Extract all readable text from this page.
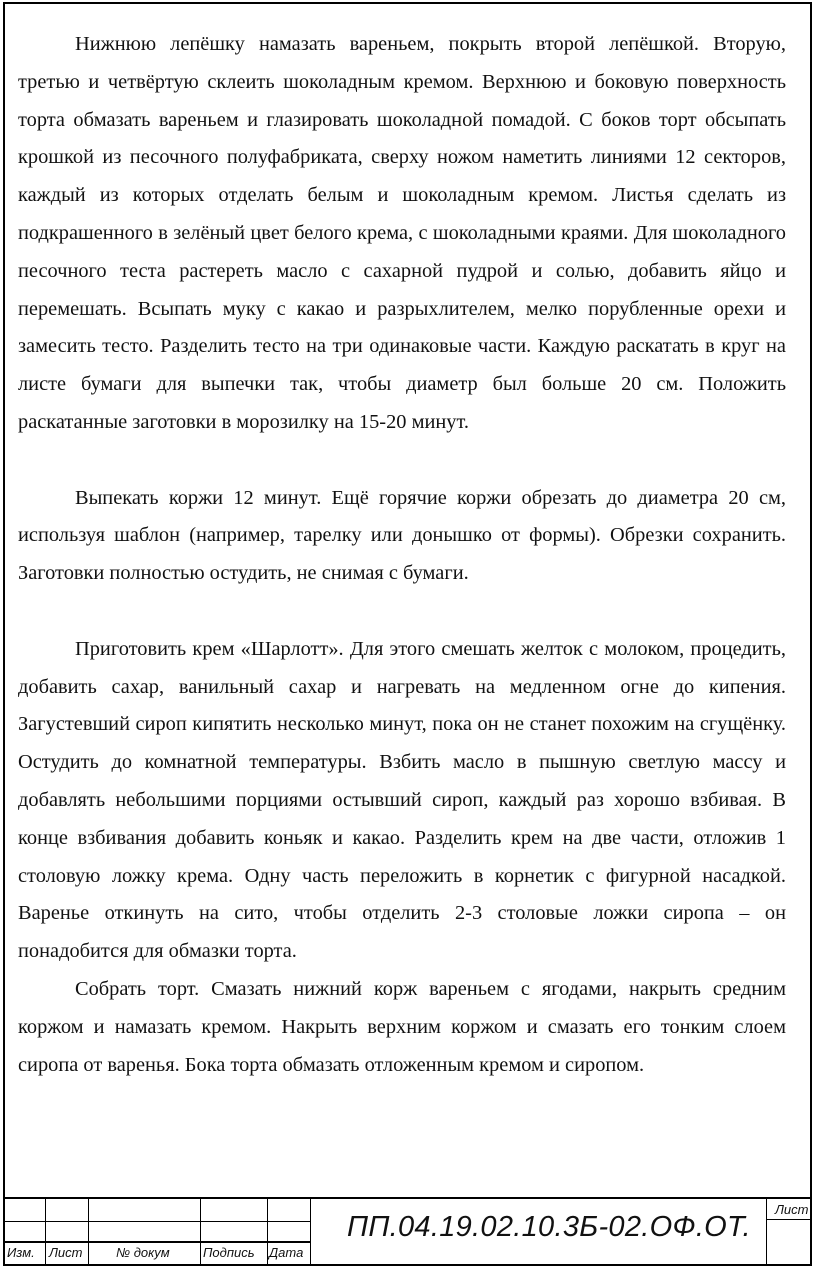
Нижнюю лепёшку намазать вареньем, покрыть второй лепёшкой. Вторую, третью и четвёртую склеить шоколадным кремом. Верхнюю и боковую поверхность торта обмазать вареньем и глазировать шоколадной помадой. С боков торт обсыпать крошкой из песочного полуфабриката, сверху ножом наметить линиями 12 секторов, каждый из которых отделать белым и шоколадным кремом. Листья сделать из подкрашенного в зелёный цвет белого крема, с шоколадными краями. Для шоколадного песочного теста растереть масло с сахарной пудрой и солью, добавить яйцо и перемешать. Всыпать муку с какао и разрыхлителем, мелко порубленные орехи и замесить тесто. Разделить тесто на три одинаковые части. Каждую раскатать в круг на листе бумаги для выпечки так, чтобы диаметр был больше 20 см. Положить раскатанные заготовки в морозилку на 15-20 минут.

Выпекать коржи 12 минут. Ещё горячие коржи обрезать до диаметра 20 см, используя шаблон (например, тарелку или донышко от формы). Обрезки сохранить. Заготовки полностью остудить, не снимая с бумаги.

Приготовить крем «Шарлотт». Для этого смешать желток с молоком, процедить, добавить сахар, ванильный сахар и нагревать на медленном огне до кипения. Загустевший сироп кипятить несколько минут, пока он не станет похожим на сгущёнку. Остудить до комнатной температуры. Взбить масло в пышную светлую массу и добавлять небольшими порциями остывший сироп, каждый раз хорошо взбивая. В конце взбивания добавить коньяк и какао. Разделить крем на две части, отложив 1 столовую ложку крема. Одну часть переложить в корнетик с фигурной насадкой. Варенье откинуть на сито, чтобы отделить 2-3 столовые ложки сиропа – он понадобится для обмазки торта.

Собрать торт. Смазать нижний корж вареньем с ягодами, накрыть средним коржом и намазать кремом. Накрыть верхним коржом и смазать его тонким слоем сиропа от варенья. Бока торта обмазать отложенным кремом и сиропом.

Изм. Лист	№ докум	Подпись Дата
ПП.04.19.02.10.3Б-02.ОФ.ОТ.
Лист
